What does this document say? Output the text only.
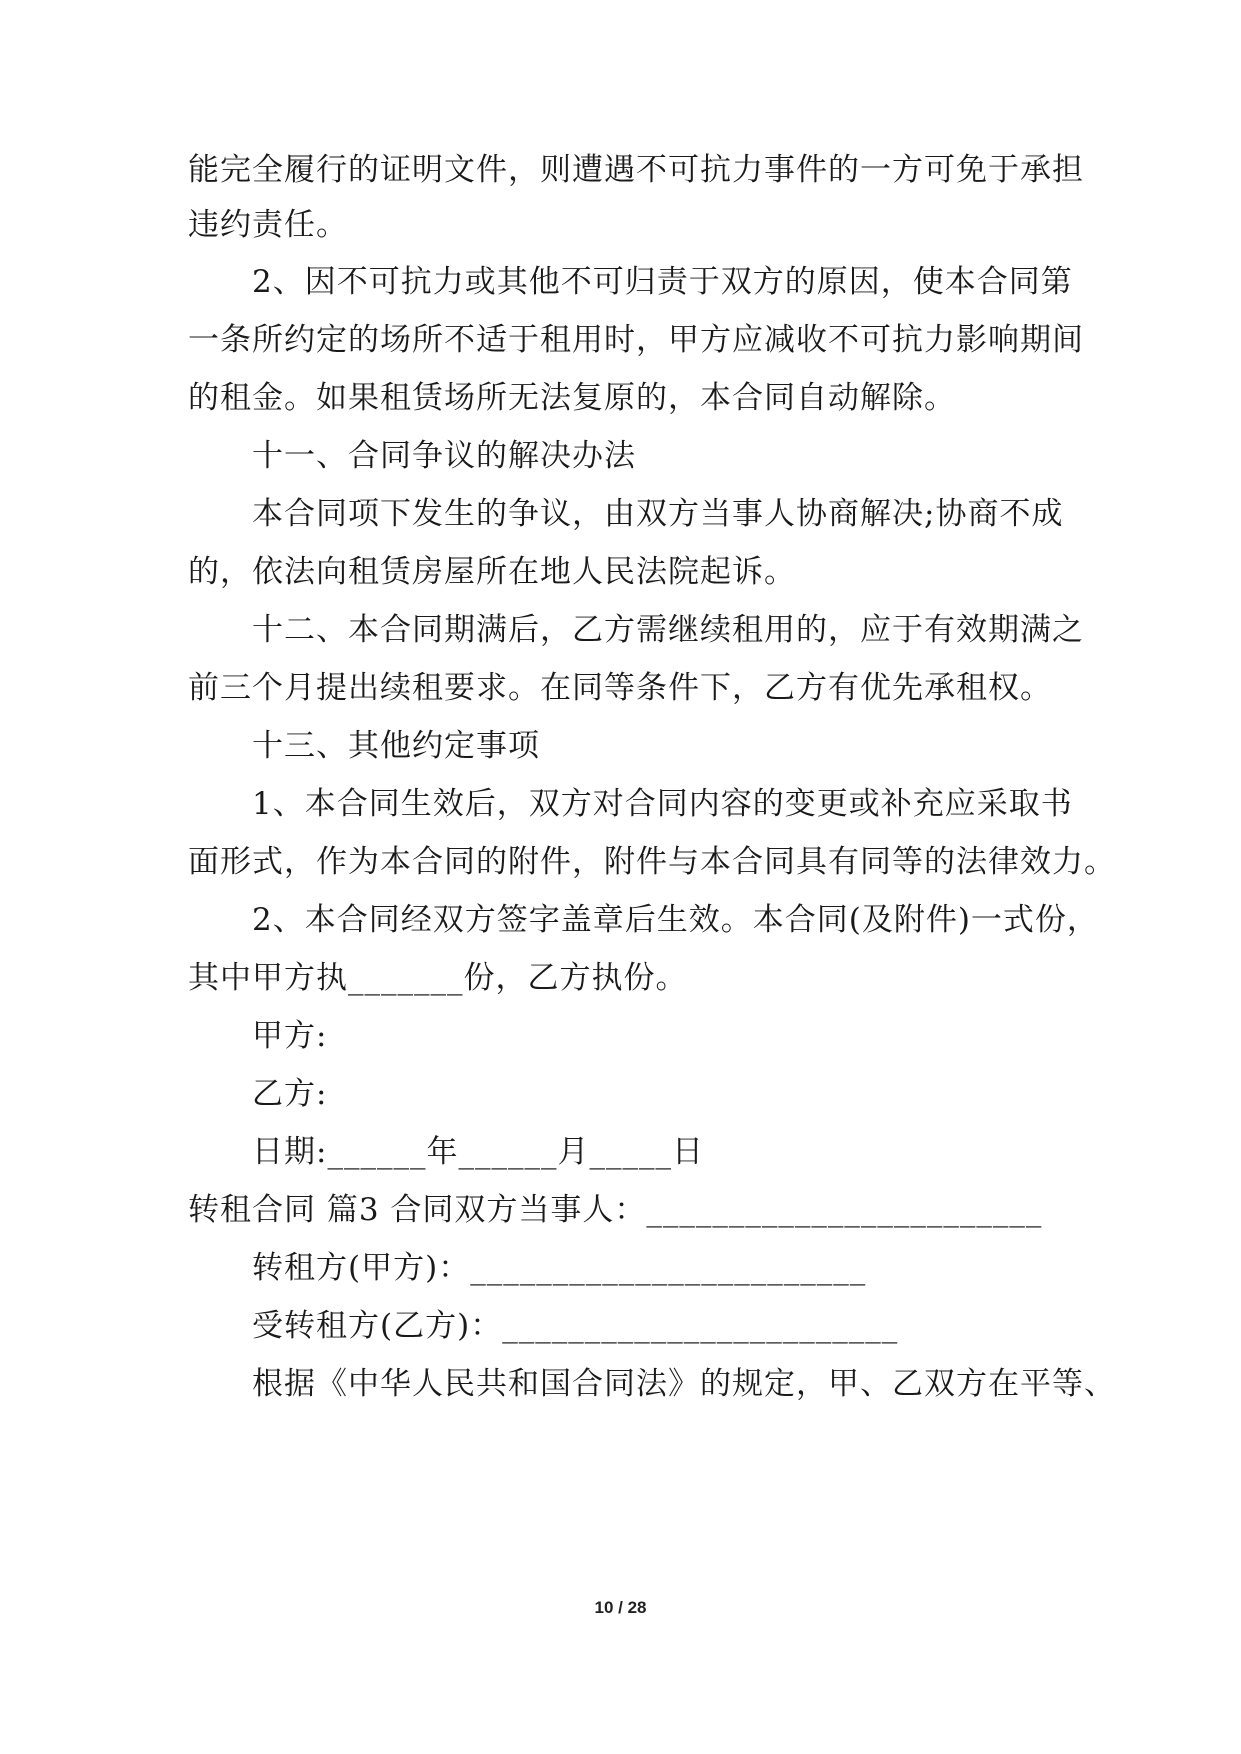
能完全履行的证明文件，则遭遇不可抗力事件的一方可免于承担
违约责任。
2、因不可抗力或其他不可归责于双方的原因，使本合同第
一条所约定的场所不适于租用时，甲方应减收不可抗力影响期间
的租金。如果租赁场所无法复原的，本合同自动解除。
十一、合同争议的解决办法
本合同项下发生的争议，由双方当事人协商解决;协商不成
的，依法向租赁房屋所在地人民法院起诉。
十二、本合同期满后，乙方需继续租用的，应于有效期满之
前三个月提出续租要求。在同等条件下，乙方有优先承租权。
十三、其他约定事项
1、本合同生效后，双方对合同内容的变更或补充应采取书
面形式，作为本合同的附件，附件与本合同具有同等的法律效力。
2、本合同经双方签字盖章后生效。本合同(及附件)一式份，
其中甲方执_______份，乙方执份。
甲方:
乙方:
日期:______年______月_____日
转租合同 篇3 合同双方当事人：________________________
转租方(甲方)：________________________
受转租方(乙方)：________________________
根据《中华人民共和国合同法》的规定，甲、乙双方在平等、
10 / 28
